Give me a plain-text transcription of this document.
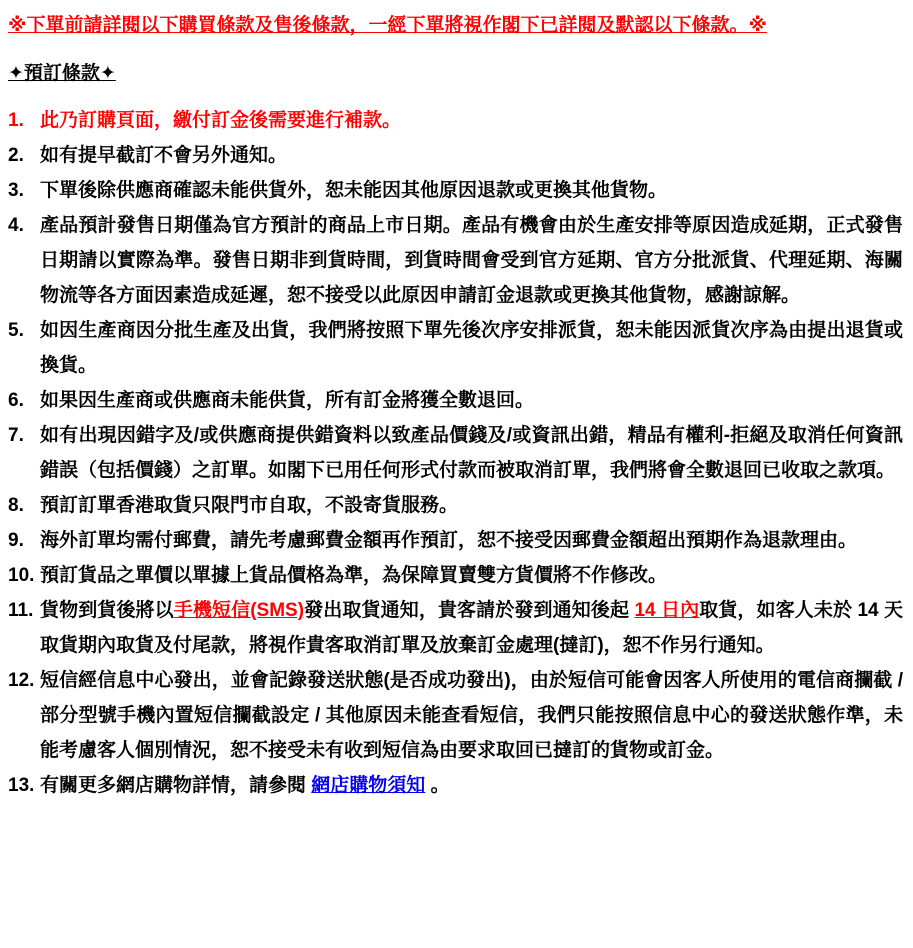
※下單前請詳閱以下購買條款及售後條款，一經下單將視作閣下已詳閱及默認以下條款。※
✦預訂條款✦
1. 此乃訂購頁面，繳付訂金後需要進行補款。
2. 如有提早截訂不會另外通知。
3. 下單後除供應商確認未能供貨外，恕未能因其他原因退款或更換其他貨物。
4. 產品預計發售日期僅為官方預計的商品上市日期。產品有機會由於生產安排等原因造成延期，正式發售日期請以實際為準。發售日期非到貨時間，到貨時間會受到官方延期、官方分批派貨、代理延期、海關物流等各方面因素造成延遲，恕不接受以此原因申請訂金退款或更換其他貨物，感謝諒解。
5. 如因生產商因分批生產及出貨，我們將按照下單先後次序安排派貨，恕未能因派貨次序為由提出退貨或換貨。
6. 如果因生產商或供應商未能供貨，所有訂金將獲全數退回。
7. 如有出現因錯字及/或供應商提供錯資料以致產品價錢及/或資訊出錯，精品有權利-拒絕及取消任何資訊錯誤（包括價錢）之訂單。如閣下已用任何形式付款而被取消訂單，我們將會全數退回已收取之款項。
8. 預訂訂單香港取貨只限門市自取，不設寄貨服務。
9. 海外訂單均需付郵費，請先考慮郵費金額再作預訂，恕不接受因郵費金額超出預期作為退款理由。
10. 預訂貨品之單價以單據上貨品價格為準，為保障買賣雙方貨價將不作修改。
11. 貨物到貨後將以手機短信(SMS)發出取貨通知，貴客請於發到通知後起 14 日內取貨，如客人未於 14 天取貨期內取貨及付尾款，將視作貴客取消訂單及放棄訂金處理(撻訂)，恕不作另行通知。
12. 短信經信息中心發出，並會記錄發送狀態(是否成功發出)，由於短信可能會因客人所使用的電信商攔截 / 部分型號手機內置短信攔截設定 / 其他原因未能查看短信，我們只能按照信息中心的發送狀態作準，未能考慮客人個別情況，恕不接受未有收到短信為由要求取回已撻訂的貨物或訂金。
13. 有關更多網店購物詳情，請參閱 網店購物須知 。
